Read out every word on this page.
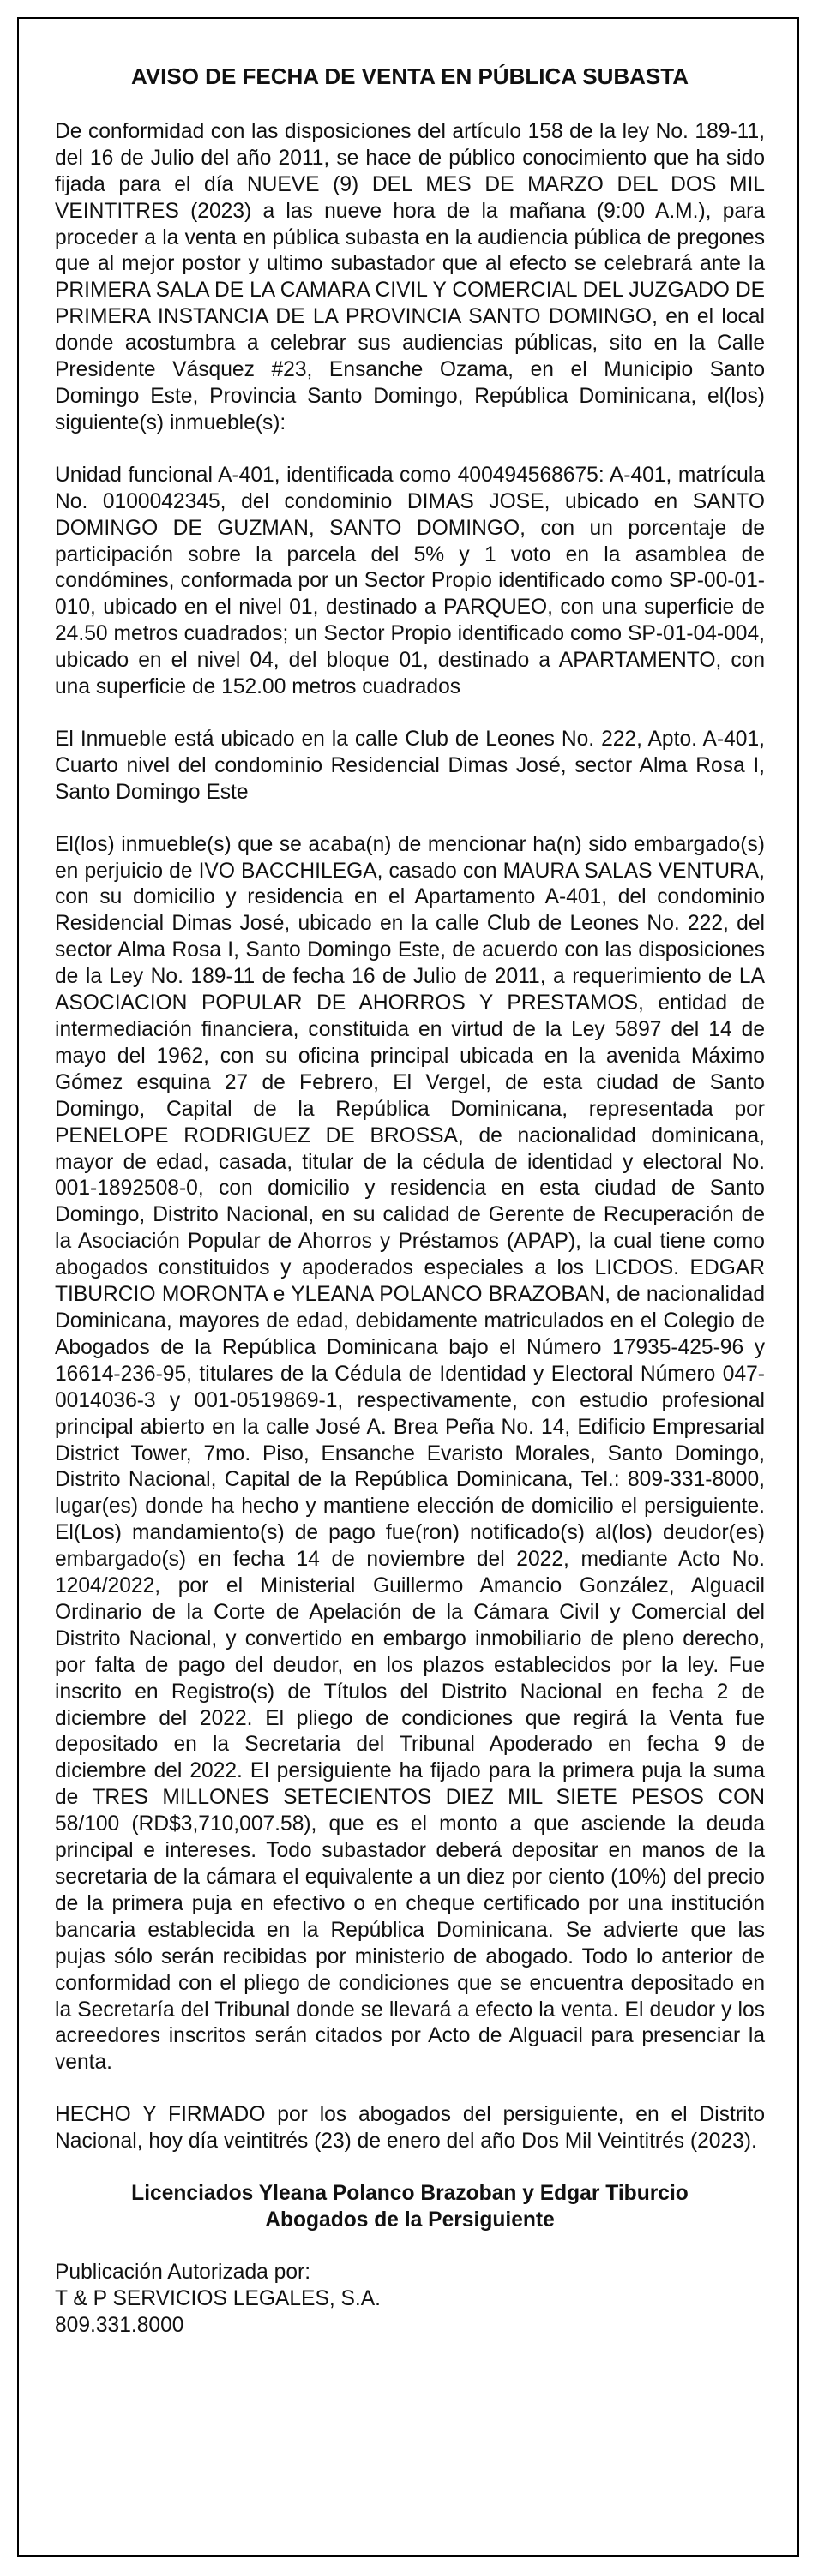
AVISO DE FECHA DE VENTA EN PÚBLICA SUBASTA

De conformidad con las disposiciones del artículo 158 de la ley No. 189-11, del 16 de Julio del año 2011, se hace de público conocimiento que ha sido fijada para el día NUEVE (9) DEL MES DE MARZO DEL DOS MIL VEINTITRES (2023) a las nueve hora de la mañana (9:00 A.M.), para proceder a la venta en pública subasta en la audiencia pública de pregones que al mejor postor y ultimo subastador que al efecto se celebrará ante la PRIMERA SALA DE LA CAMARA CIVIL Y COMERCIAL DEL JUZGADO DE PRIMERA INSTANCIA DE LA PROVINCIA SANTO DOMINGO, en el local donde acostumbra a celebrar sus audiencias públicas, sito en la Calle Presidente Vásquez #23, Ensanche Ozama, en el Municipio Santo Domingo Este, Provincia Santo Domingo, República Dominicana, el(los) siguiente(s) inmueble(s):

Unidad funcional A-401, identificada como 400494568675: A-401, matrícula No. 0100042345, del condominio DIMAS JOSE, ubicado en SANTO DOMINGO DE GUZMAN, SANTO DOMINGO, con un porcentaje de participación sobre la parcela del 5% y 1 voto en la asamblea de condómines, conformada por un Sector Propio identificado como SP-00-01-010, ubicado en el nivel 01, destinado a PARQUEO, con una superficie de 24.50 metros cuadrados; un Sector Propio identificado como SP-01-04-004, ubicado en el nivel 04, del bloque 01, destinado a APARTAMENTO, con una superficie de 152.00 metros cuadrados

El Inmueble está ubicado en la calle Club de Leones No. 222, Apto. A-401, Cuarto nivel del condominio Residencial Dimas José, sector Alma Rosa I, Santo Domingo Este

El(los) inmueble(s) que se acaba(n) de mencionar ha(n) sido embargado(s) en perjuicio de IVO BACCHILEGA, casado con MAURA SALAS VENTURA, con su domicilio y residencia en el Apartamento A-401, del condominio Residencial Dimas José, ubicado en la calle Club de Leones No. 222, del sector Alma Rosa I, Santo Domingo Este, de acuerdo con las disposiciones de la Ley No. 189-11 de fecha 16 de Julio de 2011, a requerimiento de LA ASOCIACION POPULAR DE AHORROS Y PRESTAMOS, entidad de intermediación financiera, constituida en virtud de la Ley 5897 del 14 de mayo del 1962, con su oficina principal ubicada en la avenida Máximo Gómez esquina 27 de Febrero, El Vergel, de esta ciudad de Santo Domingo, Capital de la República Dominicana, representada por PENELOPE RODRIGUEZ DE BROSSA, de nacionalidad dominicana, mayor de edad, casada, titular de la cédula de identidad y electoral No. 001-1892508-0, con domicilio y residencia en esta ciudad de Santo Domingo, Distrito Nacional, en su calidad de Gerente de Recuperación de la Asociación Popular de Ahorros y Préstamos (APAP), la cual tiene como abogados constituidos y apoderados especiales a los LICDOS. EDGAR TIBURCIO MORONTA e YLEANA POLANCO BRAZOBAN, de nacionalidad Dominicana, mayores de edad, debidamente matriculados en el Colegio de Abogados de la República Dominicana bajo el Número 17935-425-96 y 16614-236-95, titulares de la Cédula de Identidad y Electoral Número 047-0014036-3 y 001-0519869-1, respectivamente, con estudio profesional principal abierto en la calle José A. Brea Peña No. 14, Edificio Empresarial District Tower, 7mo. Piso, Ensanche Evaristo Morales, Santo Domingo, Distrito Nacional, Capital de la República Dominicana, Tel.: 809-331-8000, lugar(es) donde ha hecho y mantiene elección de domicilio el persiguiente. El(Los) mandamiento(s) de pago fue(ron) notificado(s) al(los) deudor(es) embargado(s) en fecha 14 de noviembre del 2022, mediante Acto No. 1204/2022, por el Ministerial Guillermo Amancio González, Alguacil Ordinario de la Corte de Apelación de la Cámara Civil y Comercial del Distrito Nacional, y convertido en embargo inmobiliario de pleno derecho, por falta de pago del deudor, en los plazos establecidos por la ley. Fue inscrito en Registro(s) de Títulos del Distrito Nacional en fecha 2 de diciembre del 2022. El pliego de condiciones que regirá la Venta fue depositado en la Secretaria del Tribunal Apoderado en fecha 9 de diciembre del 2022. El persiguiente ha fijado para la primera puja la suma de TRES MILLONES SETECIENTOS DIEZ MIL SIETE PESOS CON 58/100 (RD$3,710,007.58), que es el monto a que asciende la deuda principal e intereses. Todo subastador deberá depositar en manos de la secretaria de la cámara el equivalente a un diez por ciento (10%) del precio de la primera puja en efectivo o en cheque certificado por una institución bancaria establecida en la República Dominicana. Se advierte que las pujas sólo serán recibidas por ministerio de abogado. Todo lo anterior de conformidad con el pliego de condiciones que se encuentra depositado en la Secretaría del Tribunal donde se llevará a efecto la venta. El deudor y los acreedores inscritos serán citados por Acto de Alguacil para presenciar la venta.

HECHO Y FIRMADO por los abogados del persiguiente, en el Distrito Nacional, hoy día veintitrés (23) de enero del año Dos Mil Veintitrés (2023).

Licenciados Yleana Polanco Brazoban y Edgar Tiburcio
Abogados de la Persiguiente
Publicación Autorizada por:
T & P SERVICIOS LEGALES, S.A.
809.331.8000
